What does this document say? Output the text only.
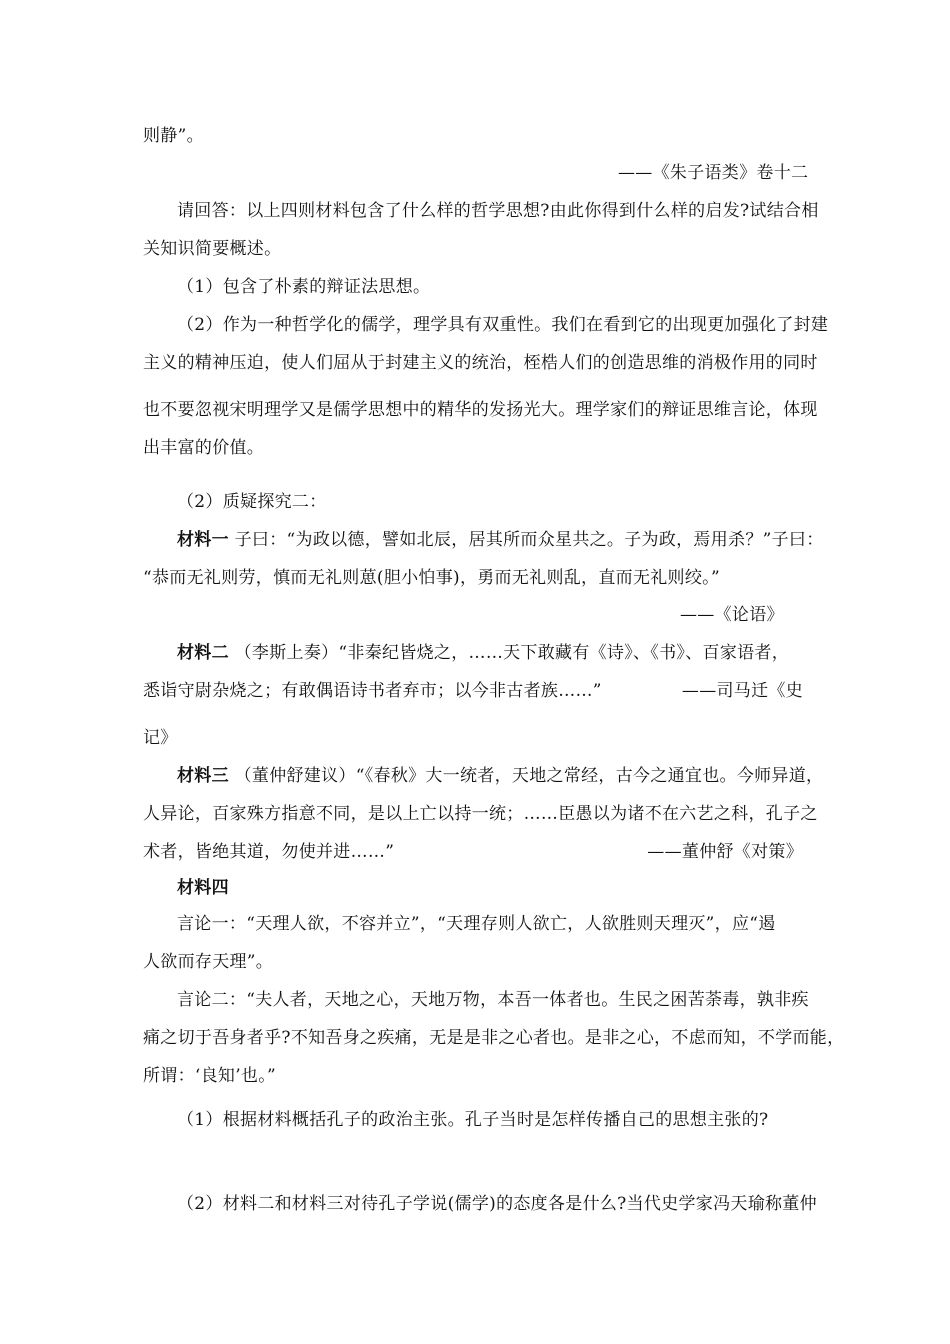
则静”。
——《朱子语类》卷十二
请回答：以上四则材料包含了什么样的哲学思想?由此你得到什么样的启发?试结合相
关知识简要概述。
（1）包含了朴素的辩证法思想。
（2）作为一种哲学化的儒学，理学具有双重性。我们在看到它的出现更加强化了封建
主义的精神压迫，使人们屈从于封建主义的统治，桎梏人们的创造思维的消极作用的同时
也不要忽视宋明理学又是儒学思想中的精华的发扬光大。理学家们的辩证思维言论，体现
出丰富的价值。
（2）质疑探究二：
材料一 子曰：“为政以德，譬如北辰，居其所而众星共之。子为政，焉用杀？”子曰：
“恭而无礼则劳，慎而无礼则葸(胆小怕事)，勇而无礼则乱，直而无礼则绞。”
——《论语》
材料二 （李斯上奏）“非秦纪皆烧之，……天下敢藏有《诗》、《书》、百家语者，
悉诣守尉杂烧之；有敢偶语诗书者弃市；以今非古者族……”	——司马迁《史
记》
材料三 （董仲舒建议）“《春秋》大一统者，天地之常经，古今之通宜也。今师异道，
人异论，百家殊方指意不同，是以上亡以持一统；……臣愚以为诸不在六艺之科，孔子之
术者，皆绝其道，勿使并进……”	——董仲舒《对策》
材料四
言论一：“天理人欲，不容并立”，“天理存则人欲亡，人欲胜则天理灭”，应“遏
人欲而存天理”。
言论二：“夫人者，天地之心，天地万物，本吾一体者也。生民之困苦荼毒，孰非疾
痛之切于吾身者乎?不知吾身之疾痛，无是是非之心者也。是非之心，不虑而知，不学而能，
所谓：‘良知’也。”
（1）根据材料概括孔子的政治主张。孔子当时是怎样传播自己的思想主张的?
（2）材料二和材料三对待孔子学说(儒学)的态度各是什么?当代史学家冯天瑜称董仲
